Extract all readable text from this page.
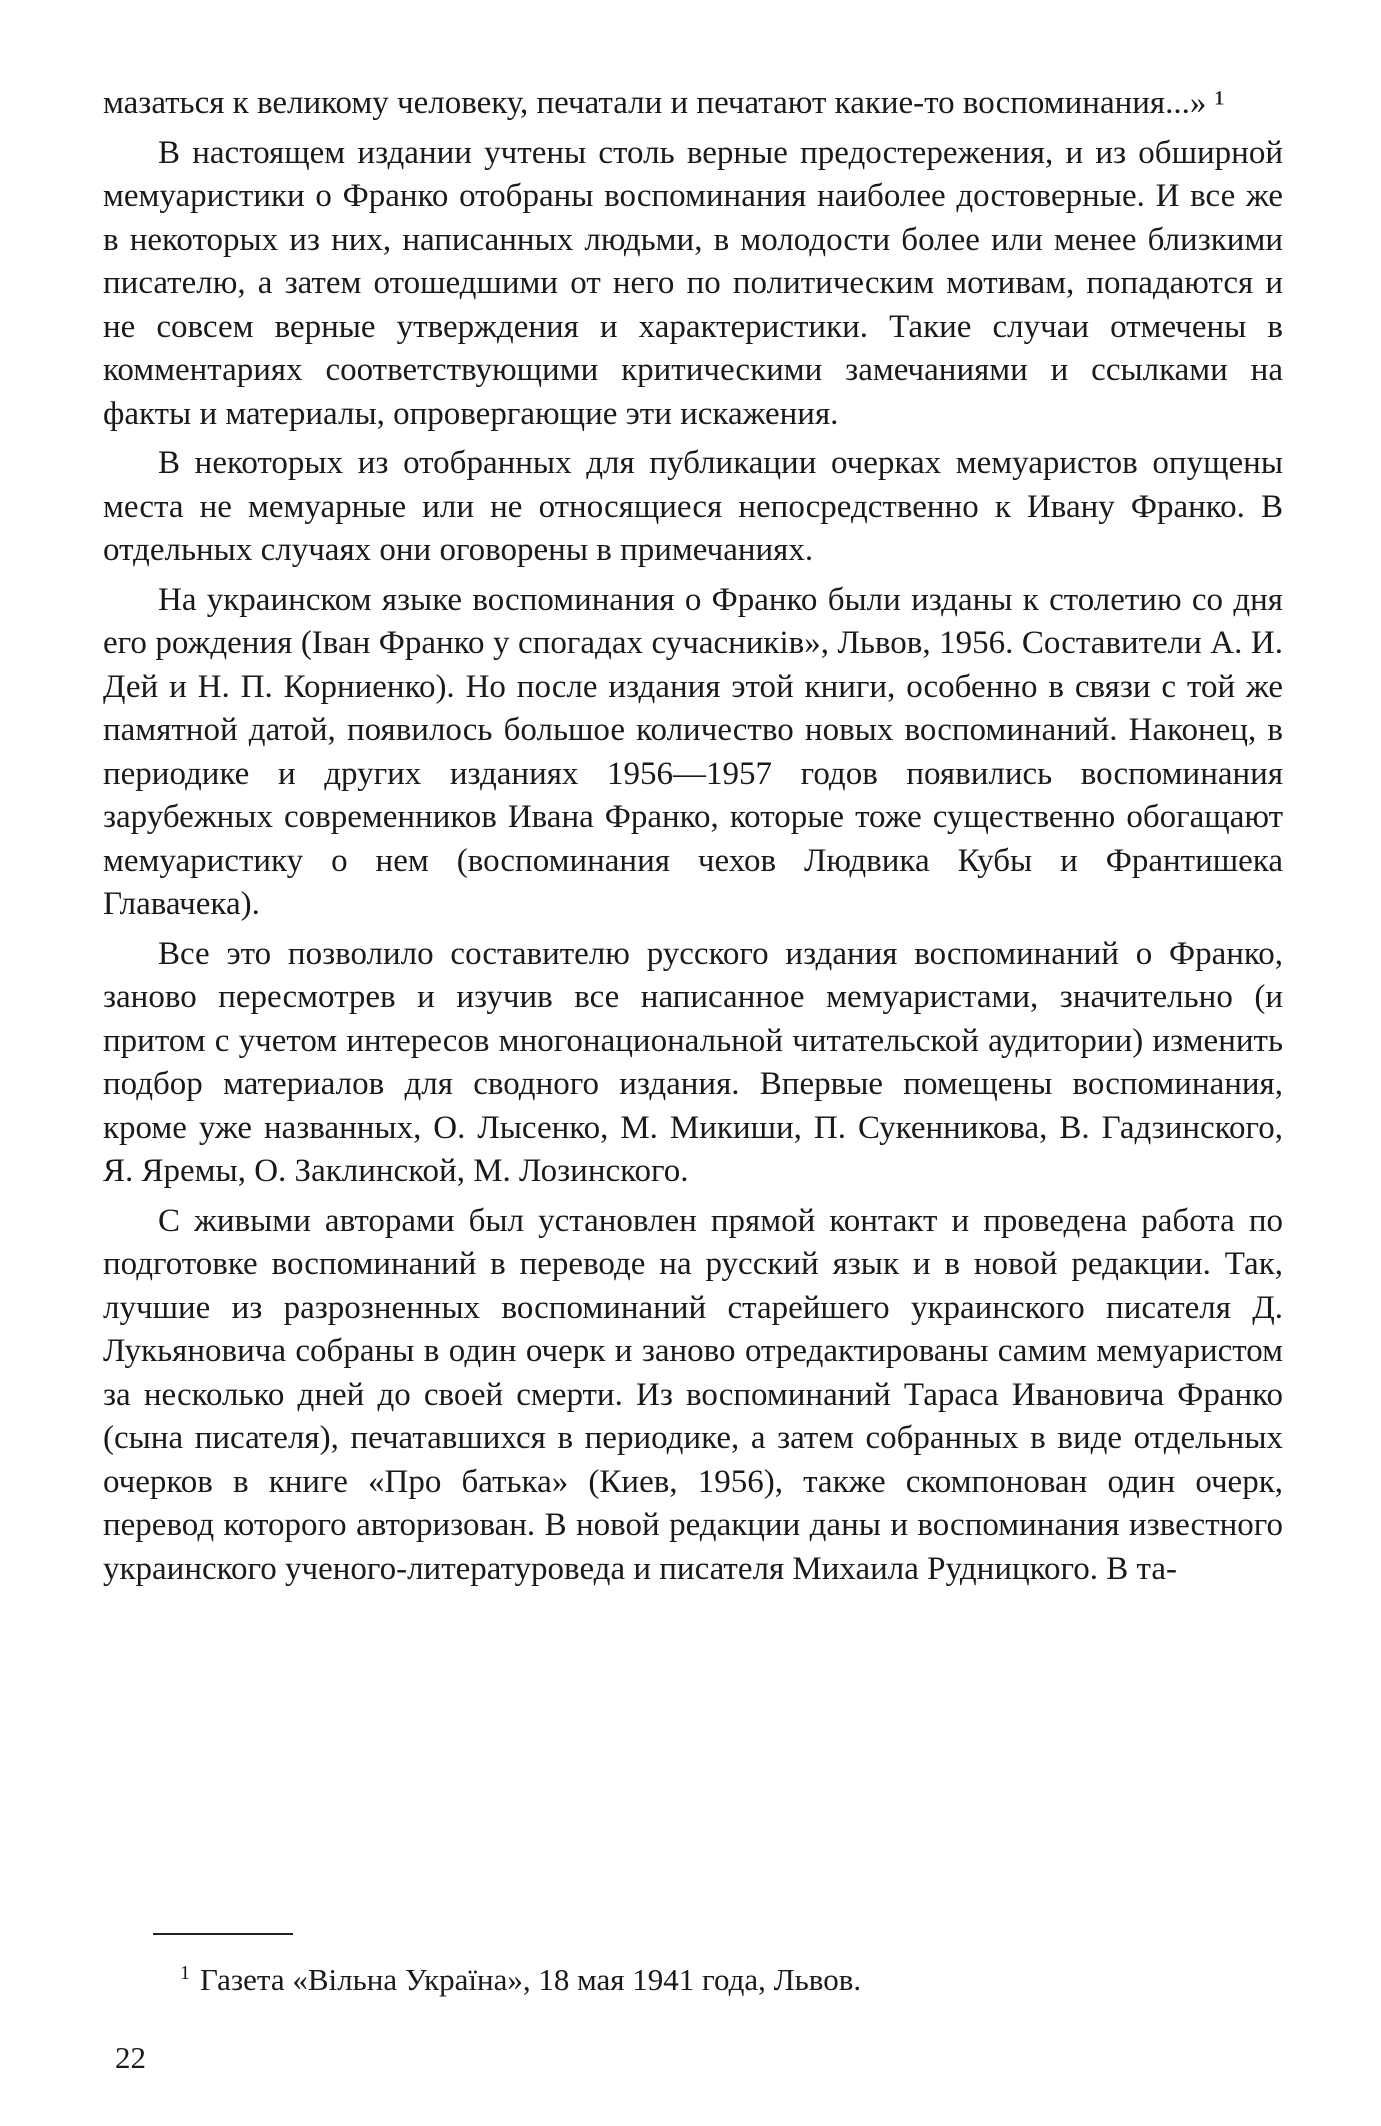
мазаться к великому человеку, печатали и печатают какие-то воспоминания...» ¹

В настоящем издании учтены столь верные предостережения, и из обширной мемуаристики о Франко отобраны воспоминания наиболее достоверные. И все же в некоторых из них, написанных людьми, в молодости более или менее близкими писателю, а затем отошедшими от него по политическим мотивам, попадаются и не совсем верные утверждения и характеристики. Такие случаи отмечены в комментариях соответствующими критическими замечаниями и ссылками на факты и материалы, опровергающие эти искажения.

В некоторых из отобранных для публикации очерках мемуаристов опущены места не мемуарные или не относящиеся непосредственно к Ивану Франко. В отдельных случаях они оговорены в примечаниях.

На украинском языке воспоминания о Франко были изданы к столетию со дня его рождения (Іван Франко у спогадах сучасників», Львов, 1956. Составители А. И. Дей и Н. П. Корниенко). Но после издания этой книги, особенно в связи с той же памятной датой, появилось большое количество новых воспоминаний. Наконец, в периодике и других изданиях 1956—1957 годов появились воспоминания зарубежных современников Ивана Франко, которые тоже существенно обогащают мемуаристику о нем (воспоминания чехов Людвика Кубы и Франтишека Главачека).

Все это позволило составителю русского издания воспоминаний о Франко, заново пересмотрев и изучив все написанное мемуаристами, значительно (и притом с учетом интересов многонациональной читательской аудитории) изменить подбор материалов для сводного издания. Впервые помещены воспоминания, кроме уже названных, О. Лысенко, М. Микиши, П. Сукенникова, В. Гадзинского, Я. Яремы, О. Заклинской, М. Лозинского.

С живыми авторами был установлен прямой контакт и проведена работа по подготовке воспоминаний в переводе на русский язык и в новой редакции. Так, лучшие из разрозненных воспоминаний старейшего украинского писателя Д. Лукьяновича собраны в один очерк и заново отредактированы самим мемуаристом за несколько дней до своей смерти. Из воспоминаний Тараса Ивановича Франко (сына писателя), печатавшихся в периодике, а затем собранных в виде отдельных очерков в книге «Про батька» (Киев, 1956), также скомпонован один очерк, перевод которого авторизован. В новой редакции даны и воспоминания известного украинского ученого-литературоведа и писателя Михаила Рудницкого. В та-

$^1$ Газета «Вільна Україна», 18 мая 1941 года, Львов.
22
